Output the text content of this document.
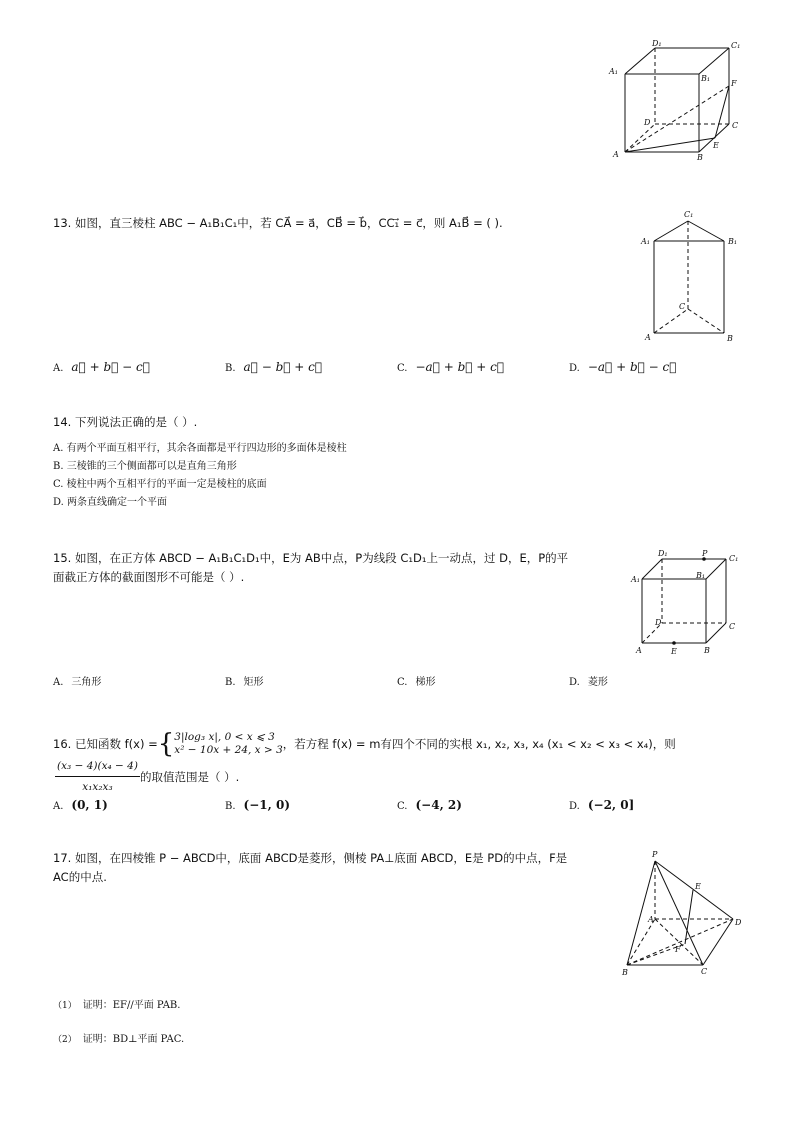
D₁	C₁
A₁
B₁
F
D	C
A
E
B
13. 如图，直三棱柱 ABC − A₁B₁C₁中，若 CA⃗ = a⃗，CB⃗ = b⃗，CC₁⃗ = c⃗，则 A₁B⃗ = ( ).
C₁
A₁	B₁
C
A	B
A. a⃗ + b⃗ − c⃗	B. a⃗ − b⃗ + c⃗	C. −a⃗ + b⃗ + c⃗	D. −a⃗ + b⃗ − c⃗
14. 下列说法正确的是（ ）.
A. 有两个平面互相平行，其余各面都是平行四边形的多面体是棱柱
B. 三棱锥的三个侧面都可以是直角三角形
C. 棱柱中两个互相平行的平面一定是棱柱的底面
D. 两条直线确定一个平面
15. 如图，在正方体 ABCD − A₁B₁C₁D₁中，E为 AB中点，P为线段 C₁D₁上一动点，过 D，E，P的平
面截正方体的截面图形不可能是（ ）.
D₁	P
C₁
A₁	B₁
D	C
A	E	B
A. 三角形	B. 矩形	C. 梯形	D. 菱形
16.
已知函数 f(x) = { 3|log₃ x|, 0 < x ⩽ 3
x² − 10x + 24, x > 3 ，若方程 f(x) = m有四个不同的实根 x₁, x₂, x₃, x₄ (x₁ < x₂ < x₃ < x₄)，则
$\frac{\text{(x₃ − 4)(x₄ − 4)}}{\text{x₁x₂x₃}}$ 的取值范围是（ ）.
A. (0, 1)	B. (−1, 0)	C. (−4, 2)	D. (−2, 0]
17. 如图，在四棱锥 P − ABCD中，底面 ABCD是菱形，侧棱 PA⊥底面 ABCD，E是 PD的中点，F是
AC的中点.
P
E
A	D
F
B	C
（1） 证明：EF//平面 PAB.
（2） 证明：BD⊥平面 PAC.
